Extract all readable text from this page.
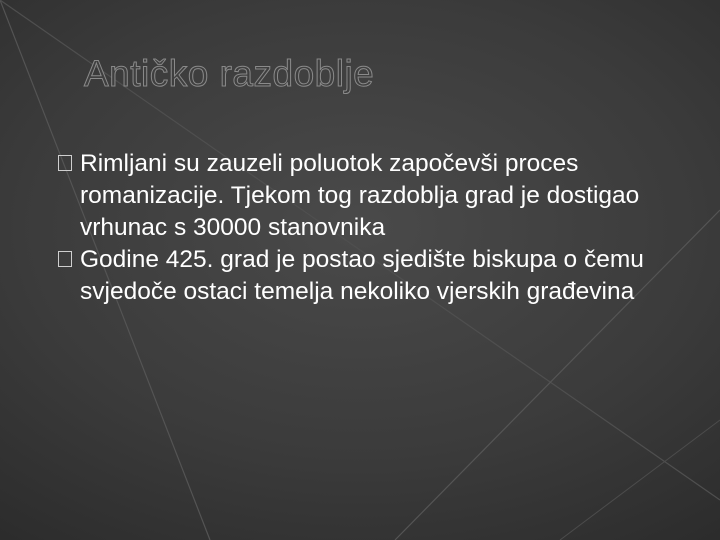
Antičko razdoblje
Rimljani su zauzeli poluotok započevši proces romanizacije. Tjekom tog razdoblja grad je dostigao vrhunac s 30000 stanovnika
Godine 425. grad je postao sjedište biskupa o čemu svjedoče ostaci temelja nekoliko vjerskih građevina
